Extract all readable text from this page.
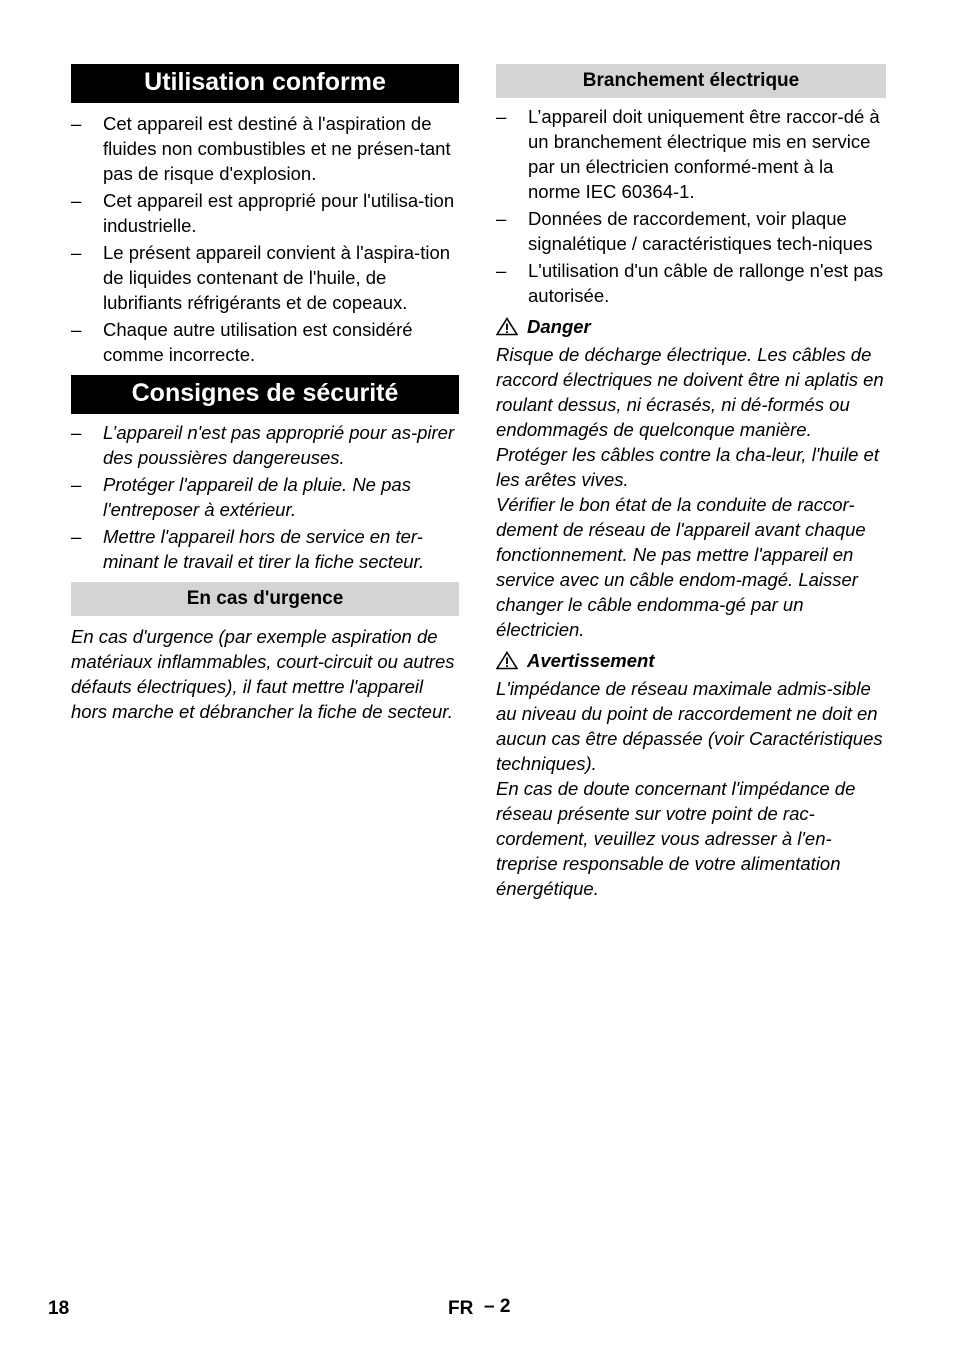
Utilisation conforme
– Cet appareil est destiné à l'aspiration de fluides non combustibles et ne présen-tant pas de risque d'explosion.
– Cet appareil est approprié pour l'utilisa-tion industrielle.
– Le présent appareil convient à l'aspira-tion de liquides contenant de l'huile, de lubrifiants réfrigérants et de copeaux.
– Chaque autre utilisation est considéré comme incorrecte.
Consignes de sécurité
– L’appareil n'est pas approprié pour as-pirer des poussières dangereuses.
– Protéger l'appareil de la pluie. Ne pas l'entreposer à extérieur.
– Mettre l'appareil hors de service en ter-minant le travail et tirer la fiche secteur.
En cas d'urgence

En cas d'urgence (par exemple aspiration de matériaux inflammables, court-circuit ou autres défauts électriques), il faut mettre l'appareil hors marche et débrancher la fiche de secteur.

Branchement électrique
– L’appareil doit uniquement être raccor-dé à un branchement électrique mis en service par un électricien conformé-ment à la norme IEC 60364-1.
– Données de raccordement, voir plaque signalétique / caractéristiques tech-niques
– L'utilisation d'un câble de rallonge n'est pas autorisée.
Danger

Risque de décharge électrique. Les câbles de raccord électriques ne doivent être ni aplatis en roulant dessus, ni écrasés, ni dé-formés ou endommagés de quelconque manière. Protéger les câbles contre la cha-leur, l'huile et les arêtes vives.

Vérifier le bon état de la conduite de raccor-dement de réseau de l'appareil avant chaque fonctionnement. Ne pas mettre l'appareil en service avec un câble endom-magé. Laisser changer le câble endomma-gé par un électricien.

Avertissement

L'impédance de réseau maximale admis-sible au niveau du point de raccordement ne doit en aucun cas être dépassée (voir Caractéristiques techniques).

En cas de doute concernant l'impédance de réseau présente sur votre point de rac-cordement, veuillez vous adresser à l'en-treprise responsable de votre alimentation énergétique.

18	FR – 2
